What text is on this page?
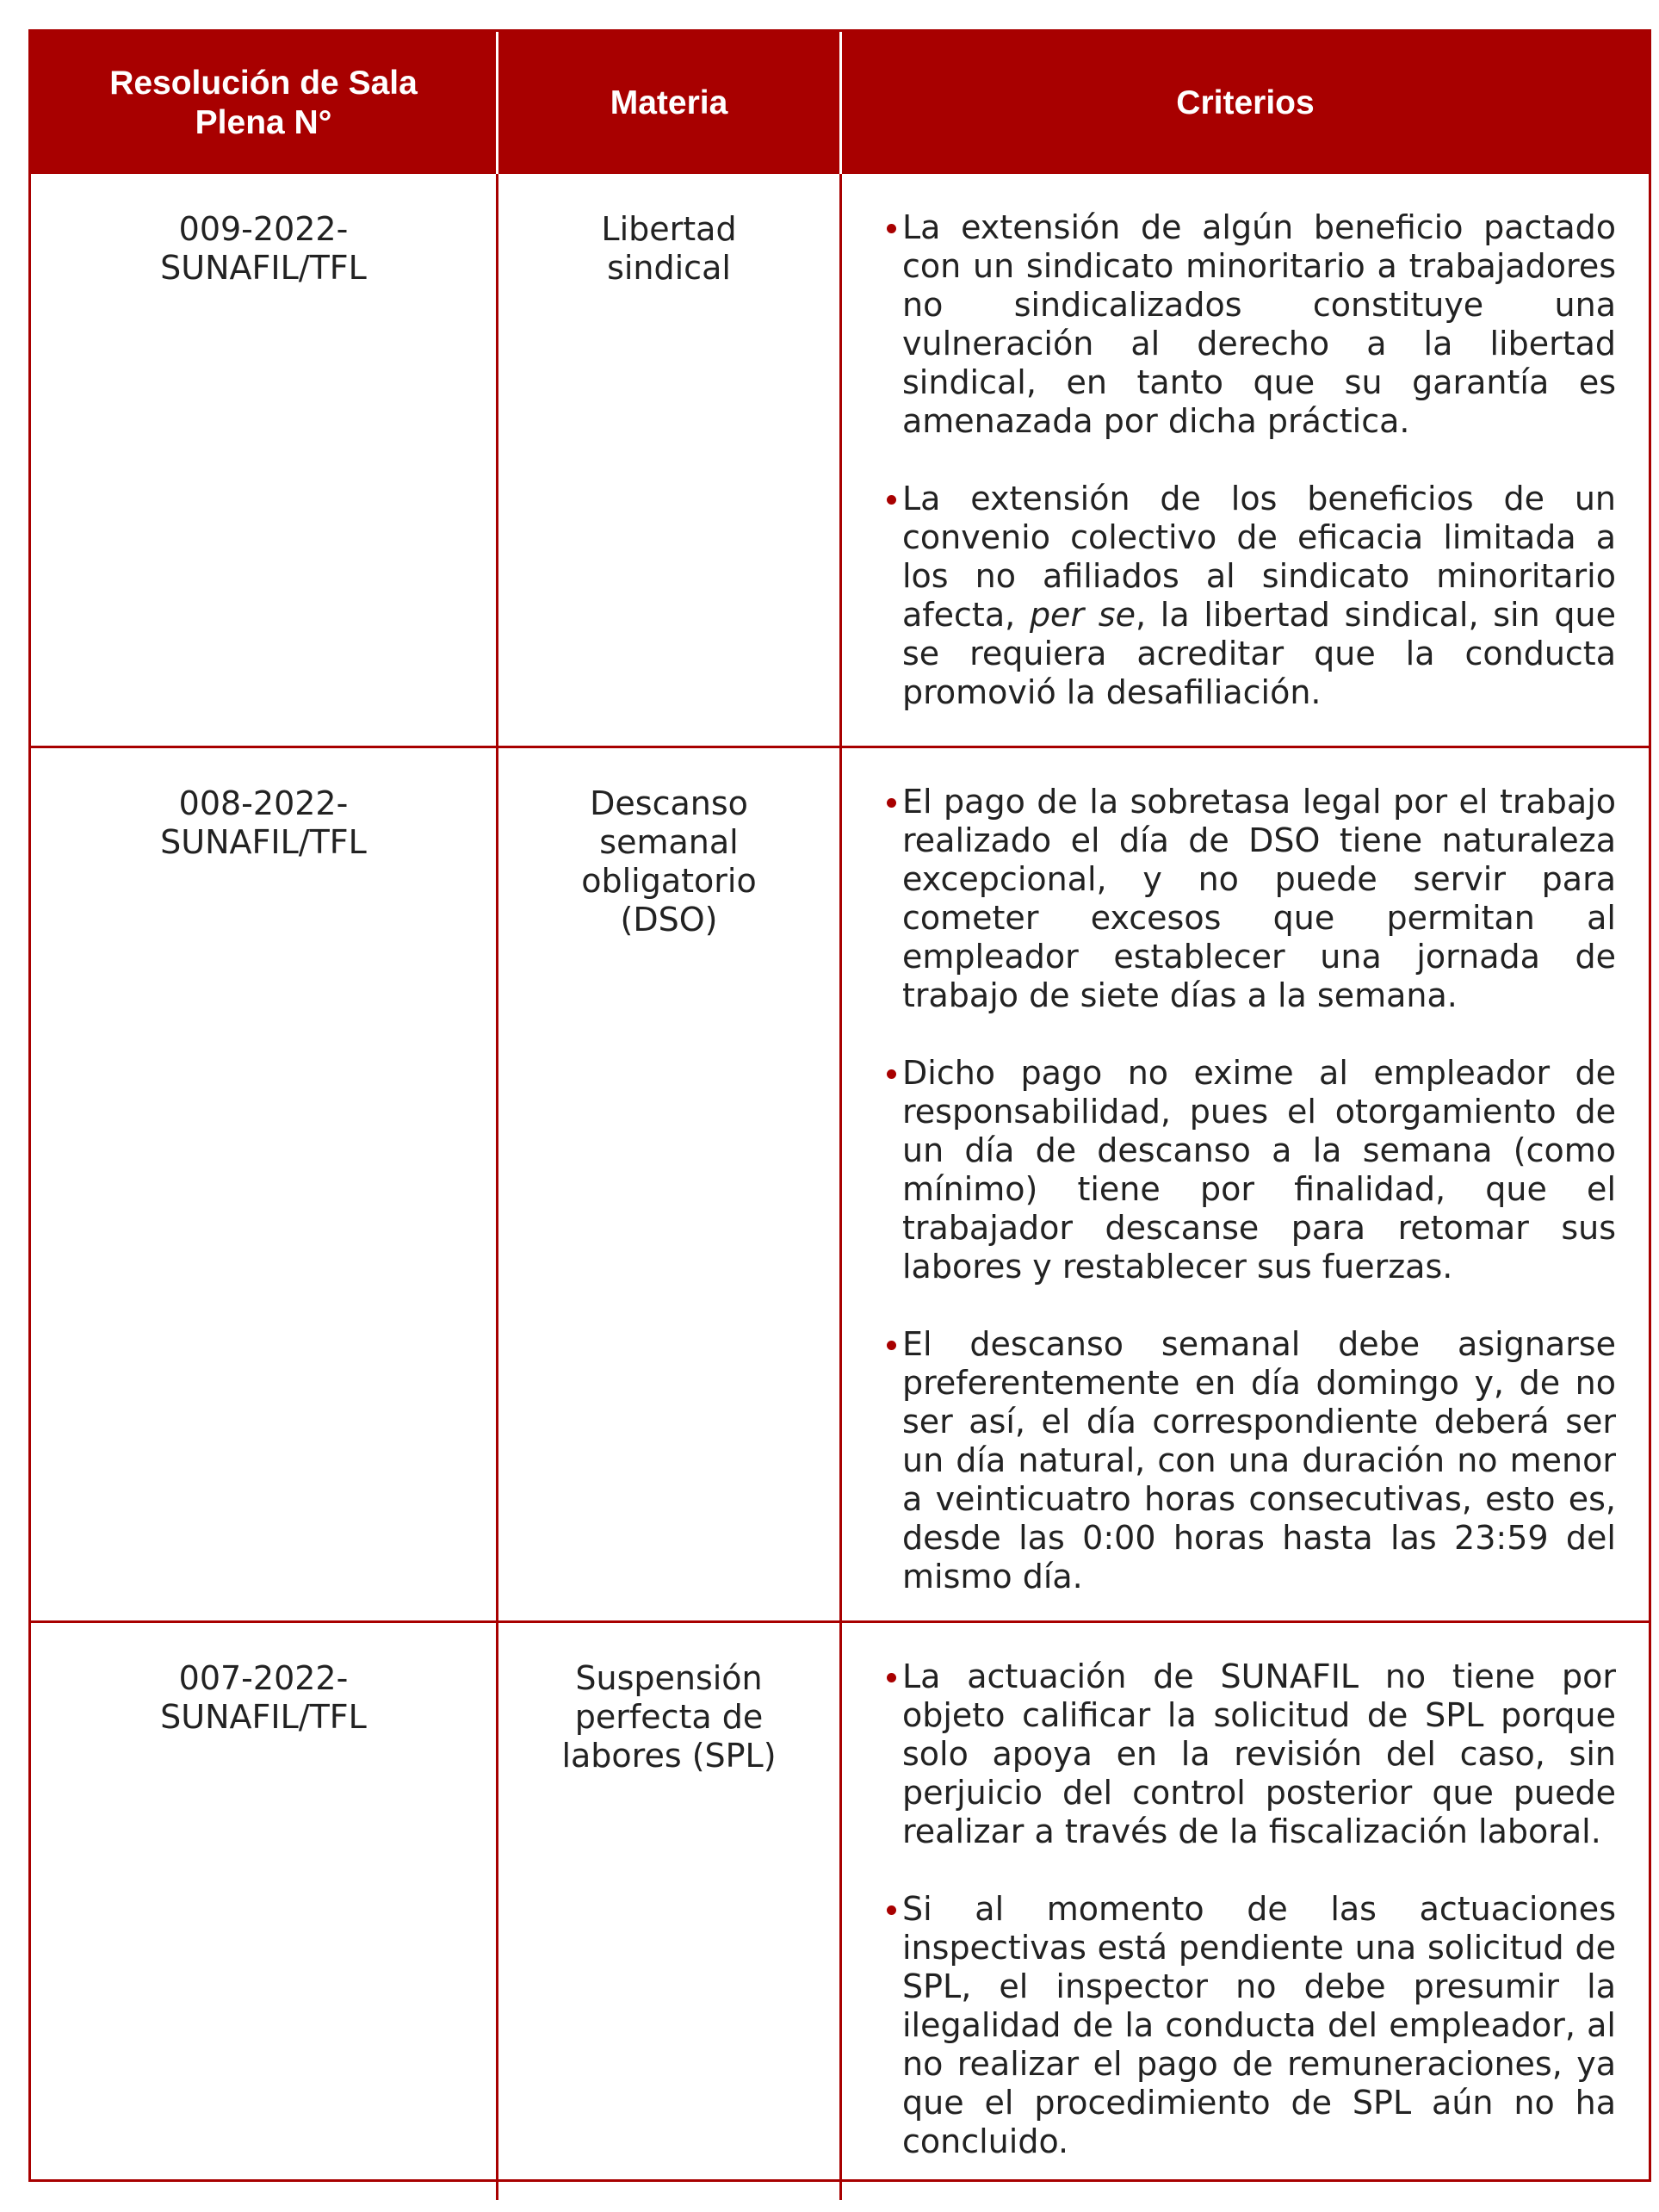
Resolución de Sala Plena N°
Materia	Criterios
009-2022-SUNAFIL/TFL
Libertad sindical
La extensión de algún beneficio pactado con un sindicato minoritario a trabajadores no sindicalizados constituye una vulneración al derecho a la libertad sindical, en tanto que su garantía es amenazada por dicha práctica.
La extensión de los beneficios de un convenio colectivo de eficacia limitada a los no afiliados al sindicato minoritario afecta, per se, la libertad sindical, sin que se requiera acreditar que la conducta promovió la desafiliación.
008-2022-SUNAFIL/TFL
Descanso semanal obligatorio (DSO)
El pago de la sobretasa legal por el trabajo realizado el día de DSO tiene naturaleza excepcional, y no puede servir para cometer excesos que permitan al empleador establecer una jornada de trabajo de siete días a la semana.
Dicho pago no exime al empleador de responsabilidad, pues el otorgamiento de un día de descanso a la semana (como mínimo) tiene por finalidad, que el trabajador descanse para retomar sus labores y restablecer sus fuerzas.
El descanso semanal debe asignarse preferentemente en día domingo y, de no ser así, el día correspondiente deberá ser un día natural, con una duración no menor a veinticuatro horas consecutivas, esto es, desde las 0:00 horas hasta las 23:59 del mismo día.
007-2022-SUNAFIL/TFL
Suspensión perfecta de labores (SPL)
La actuación de SUNAFIL no tiene por objeto calificar la solicitud de SPL porque solo apoya en la revisión del caso, sin perjuicio del control posterior que puede realizar a través de la fiscalización laboral.
Si al momento de las actuaciones inspectivas está pendiente una solicitud de SPL, el inspector no debe presumir la ilegalidad de la conducta del empleador, al no realizar el pago de remuneraciones, ya que el procedimiento de SPL aún no ha concluido.
